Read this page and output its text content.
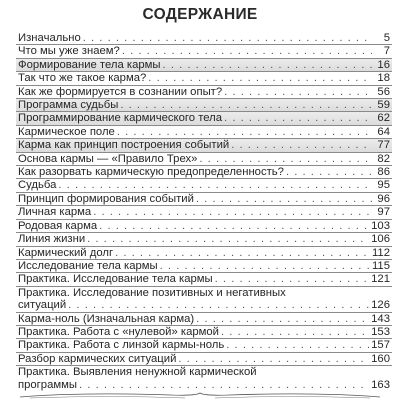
СОДЕРЖАНИЕ
Изначально . . .	5
Что мы уже знаем? . . .	7
Формирование тела кармы . . .	16
Так что же такое карма? . . .	18
Как же формируется в сознании опыт? . . .	56
Программа судьбы . . .	59
Программирование кармического тела . . .	62
Кармическое поле . . .	64
Карма как принцип построения событий . . .	77
Основа кармы — «Правило Трех» . . .	82
Как разорвать кармическую предопределенность? . . .	86
Судьба . . .	95
Принцип формирования событий . . .	96
Личная карма . . .	97
Родовая карма . . .	103
Линия жизни . . .	106
Кармический долг . . .	112
Исследование тела кармы . . .	115
Практика. Исследование тела кармы . . .	121
Практика. Исследование позитивных и негативных
ситуаций . . .	126
Карма-ноль (Изначальная карма) . . .	143
Практика. Работа с «нулевой» кармой . . .	153
Практика. Работа с линзой кармы-ноль . . .	157
Разбор кармических ситуаций . . .	160
Практика. Выявления ненужной кармической
программы . . .	163
